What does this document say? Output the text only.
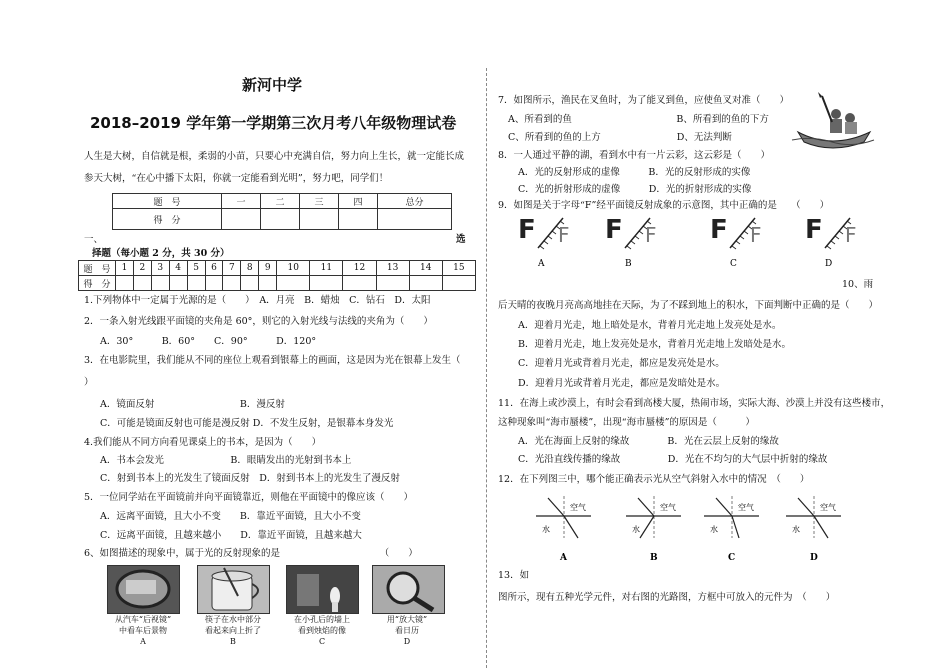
新河中学
2018–2019 学年第一学期第三次月考八年级物理试卷
人生是大树，自信就是根，柔弱的小苗，只要心中充满自信，努力向上生长，就一定能长成
参天大树，“在心中播下太阳，你就一定能看到光明”，努力吧，同学们！
题　号	一	二	三	四	总分
得　分					
选
一、
择题（每小题 2 分，共 30 分）
题　号	1	2	3	4	5	6	7	8	9	10	11	12	13	14	15
得　分															
1.下列物体中一定属于光源的是（　　）　A．月亮　B．蜡烛　C．钻石　D．太阳
2．一条入射光线跟平面镜的夹角是 60°，则它的入射光线与法线的夹角为（　　）
A．30°　　　B．60°　　C．90°　　　D．120°
3．在电影院里，我们能从不同的座位上观看到银幕上的画面，这是因为光在银幕上发生（
）
A．镜面反射　　　　　　　　　B．漫反射
C．可能是镜面反射也可能是漫反射 D．不发生反射，是银幕本身发光
4.我们能从不同方向看见课桌上的书本，是因为（　　）
A．书本会发光　　　　　　　B．眼睛发出的光射到书本上
C．射到书本上的光发生了镜面反射　D．射到书本上的光发生了漫反射
5．一位同学站在平面镜前并向平面镜靠近，则他在平面镜中的像应该（　　）
A．远离平面镜，且大小不变　　B．靠近平面镜，且大小不变
C．远离平面镜，且越来越小　　D．靠近平面镜，且越来越大
6、如图描述的现象中，属于光的反射现象的是　　　　　　　　　　　（　　）
从汽车“后视镜”
中看车后景物
A
筷子在水中部分
看起来向上折了
B
在小孔后的墙上
看到烛焰的像
C
用“放大镜”
看日历
D
7．如图所示，渔民在叉鱼时，为了能叉到鱼，应使鱼叉对准（　　）
A、所看到的鱼　　　　　　　　　　　B、所看到的鱼的下方
C、所看到的鱼的上方　　　　　　　　D、无法判断
8．一人通过平静的湖，看到水中有一片云彩，这云彩是（　　）
A．光的反射形成的虚像　　　B．光的反射形成的实像
C．光的折射形成的虚像　　　D．光的折射形成的实像
9．如图是关于字母“F”经平面镜反射成象的示意图，其中正确的是　　（　　）
10、雨
后天晴的夜晚月亮高高地挂在天际，为了不踩到地上的积水，下面判断中正确的是（　　）
A．迎着月光走，地上暗处是水，背着月光走地上发亮处是水。
B．迎着月光走，地上发亮处是水，背着月光走地上发暗处是水。
C．迎着月光或背着月光走，都应是发亮处是水。
D．迎着月光或背着月光走，都应是发暗处是水。
11．在海上或沙漠上，有时会看到高楼大厦，热闹市场，实际大海、沙漠上并没有这些楼市，
这种现象叫“海市蜃楼”，出现“海市蜃楼”的原因是（　　　）
A．光在海面上反射的缘故　　　　B．光在云层上反射的缘故
C．光沿直线传播的缘故　　　　　D．光在不均匀的大气层中折射的缘故
12．在下列图三中，哪个能正确表示光从空气斜射入水中的情况　（　　）
13．如
图所示，现有五种光学元件，对右图的光路图，方框中可放入的元件为　（　　）
F F
A
F F
B
F F
C
F F
D
空气
水
A
空气
水
B
空气
水
C
空气
水
D
